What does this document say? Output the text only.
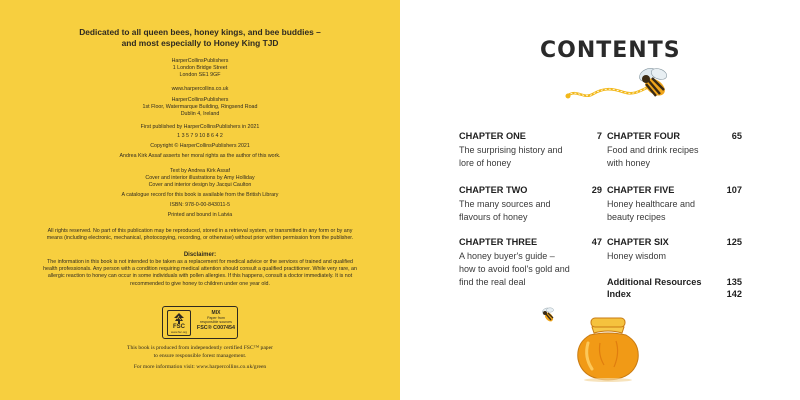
Dedicated to all queen bees, honey kings, and bee buddies –
and most especially to Honey King TJD
HarperCollinsPublishers
1 London Bridge Street
London SE1 9GF
www.harpercollins.co.uk
HarperCollinsPublishers
1st Floor, Watermarque Building, Ringsend Road
Dublin 4, Ireland
First published by HarperCollinsPublishers in 2021
1 3 5 7 9 10 8 6 4 2
Copyright © HarperCollinsPublishers 2021
Andrea Kirk Assaf asserts her moral rights as the author of this work.
Text by Andrea Kirk Assaf
Cover and interior illustrations by Amy Holliday
Cover and interior design by Jacqui Caulton
A catalogue record for this book is available from the British Library
ISBN: 978-0-00-843011-5
Printed and bound in Latvia
All rights reserved. No part of this publication may be reproduced, stored in a retrieval system, or transmitted in any form or by any means (including electronic, mechanical, photocopying, recording, or otherwise) without prior written permission from the publisher.
Disclaimer:
The information in this book is not intended to be taken as a replacement for medical advice or the services of trained and qualified health professionals. Any person with a condition requiring medical attention should consult a qualified practitioner. While very rare, an allergic reaction to honey can occur in some individuals with pollen allergies. If this happens, consult a doctor immediately. It is not recommended to give honey to children under one year old.
FSC
www.fsc.org
MIX
Paper from
responsible sources
FSC® C007454
This book is produced from independently certified FSC™ paper
to ensure responsible forest management.
For more information visit: www.harpercollins.co.uk/green
CONTENTS
CHAPTER ONE	7
The surprising history and
lore of honey
CHAPTER TWO	29
The many sources and
flavours of honey
CHAPTER THREE	47
A honey buyer's guide –
how to avoid fool's gold and
find the real deal
CHAPTER FOUR	65
Food and drink recipes
with honey
CHAPTER FIVE	107
Honey healthcare and
beauty recipes
CHAPTER SIX	125
Honey wisdom
Additional Resources	135
Index	142
